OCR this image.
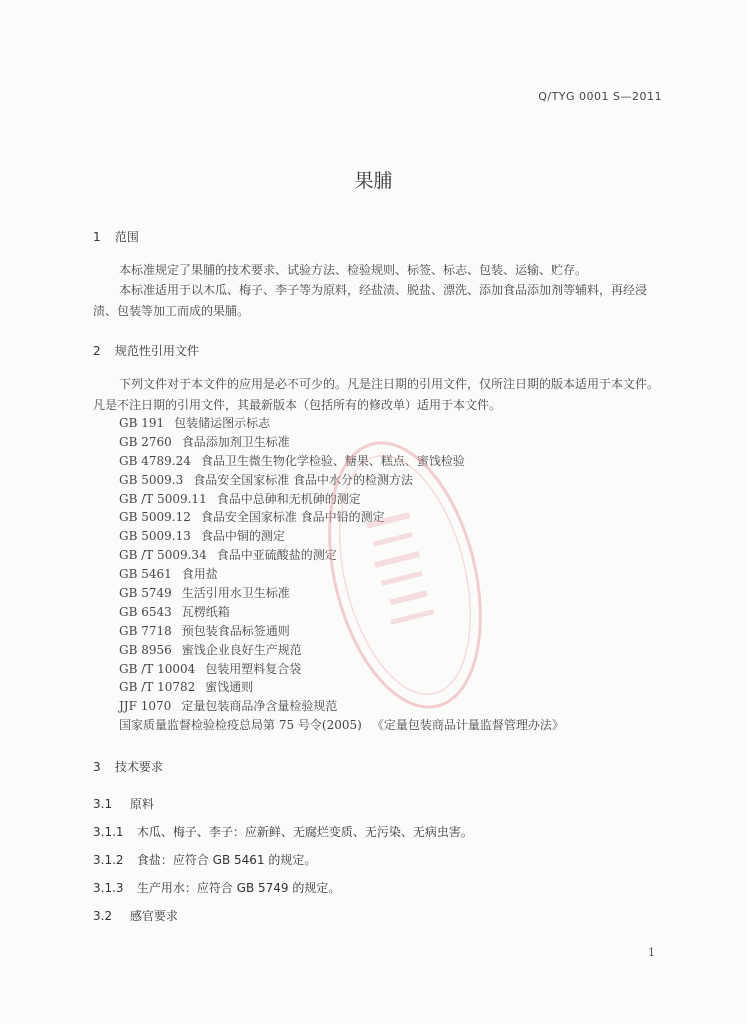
Q/TYG 0001 S—2011
果脯
1 范围
本标准规定了果脯的技术要求、试验方法、检验规则、标签、标志、包装、运输、贮存。
本标准适用于以木瓜、梅子、李子等为原料，经盐渍、脱盐、漂洗、添加食品添加剂等辅料，再经浸渍、包装等加工而成的果脯。
2 规范性引用文件
下列文件对于本文件的应用是必不可少的。凡是注日期的引用文件，仅所注日期的版本适用于本文件。凡是不注日期的引用文件，其最新版本（包括所有的修改单）适用于本文件。
GB 191 包装储运图示标志
GB 2760 食品添加剂卫生标准
GB 4789.24 食品卫生微生物化学检验、糖果、糕点、蜜饯检验
GB 5009.3 食品安全国家标准 食品中水分的检测方法
GB /T 5009.11 食品中总砷和无机砷的测定
GB 5009.12 食品安全国家标准 食品中铅的测定
GB 5009.13 食品中铜的测定
GB /T 5009.34 食品中亚硫酸盐的测定
GB 5461 食用盐
GB 5749 生活引用水卫生标准
GB 6543 瓦楞纸箱
GB 7718 预包装食品标签通则
GB 8956 蜜饯企业良好生产规范
GB /T 10004 包装用塑料复合袋
GB /T 10782 蜜饯通则
JJF 1070 定量包装商品净含量检验规范
国家质量监督检验检疫总局第 75 号令(2005) 《定量包装商品计量监督管理办法》
3 技术要求
3.1 原料
3.1.1 木瓜、梅子、李子：应新鲜、无腐烂变质、无污染、无病虫害。
3.1.2 食盐：应符合 GB 5461 的规定。
3.1.3 生产用水：应符合 GB 5749 的规定。
3.2 感官要求
1
